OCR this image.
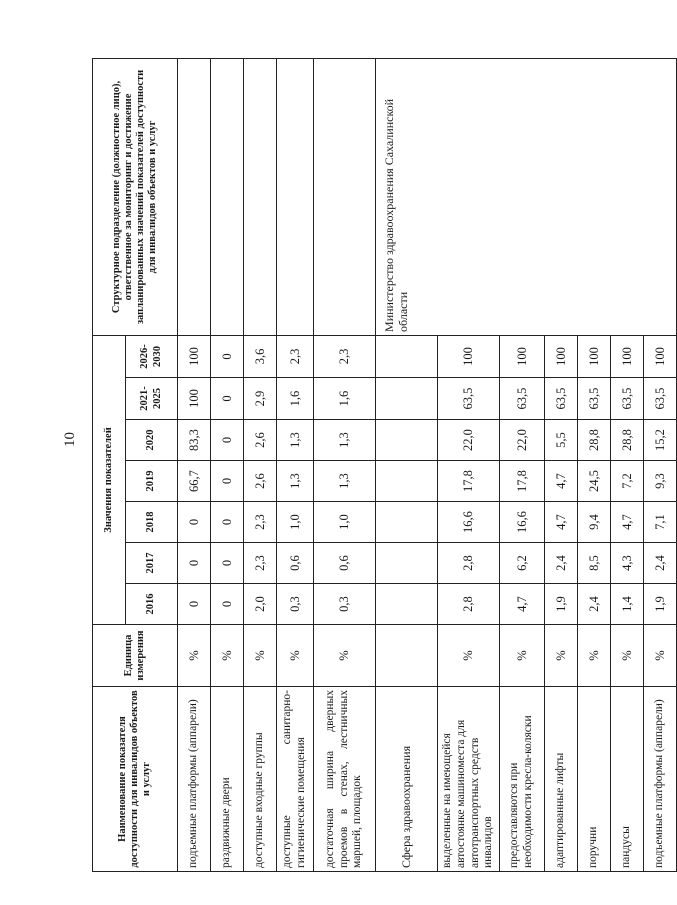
10
Наименование показателя доступности для инвалидов объектов и услуг	Единица измерения	Значения показателей							Структурное подразделение (должностное лицо), ответственное за мониторинг и достижение запланированных значений показателей доступности для инвалидов объектов и услуг
		2016	2017	2018	2019	2020	2021-2025	2026-2030	
подъемные платформы (аппарели)	%	0	0	0	66,7	83,3	100	100	
раздвижные двери	%	0	0	0	0	0	0	0	
доступные входные группы	%	2,0	2,3	2,3	2,6	2,6	2,9	3,6	
доступные санитарно-гигиенические помещения	%	0,3	0,6	1,0	1,3	1,3	1,6	2,3	
достаточная ширина дверных проемов в стенах, лестничных маршей, площадок	%	0,3	0,6	1,0	1,3	1,3	1,6	2,3	
Сфера здравоохранения									Министерство здравоохранения Сахалинской области
выделенные на имеющейся автостоянке машиноместа для автотранспортных средств инвалидов	%	2,8	2,8	16,6	17,8	22,0	63,5	100	
предоставляются при необходимости кресла-коляски	%	4,7	6,2	16,6	17,8	22,0	63,5	100	
адаптированные лифты	%	1,9	2,4	4,7	4,7	5,5	63,5	100	
поручни	%	2,4	8,5	9,4	24,5	28,8	63,5	100	
пандусы	%	1,4	4,3	4,7	7,2	28,8	63,5	100	
подъемные платформы (аппарели)	%	1,9	2,4	7,1	9,3	15,2	63,5	100	
